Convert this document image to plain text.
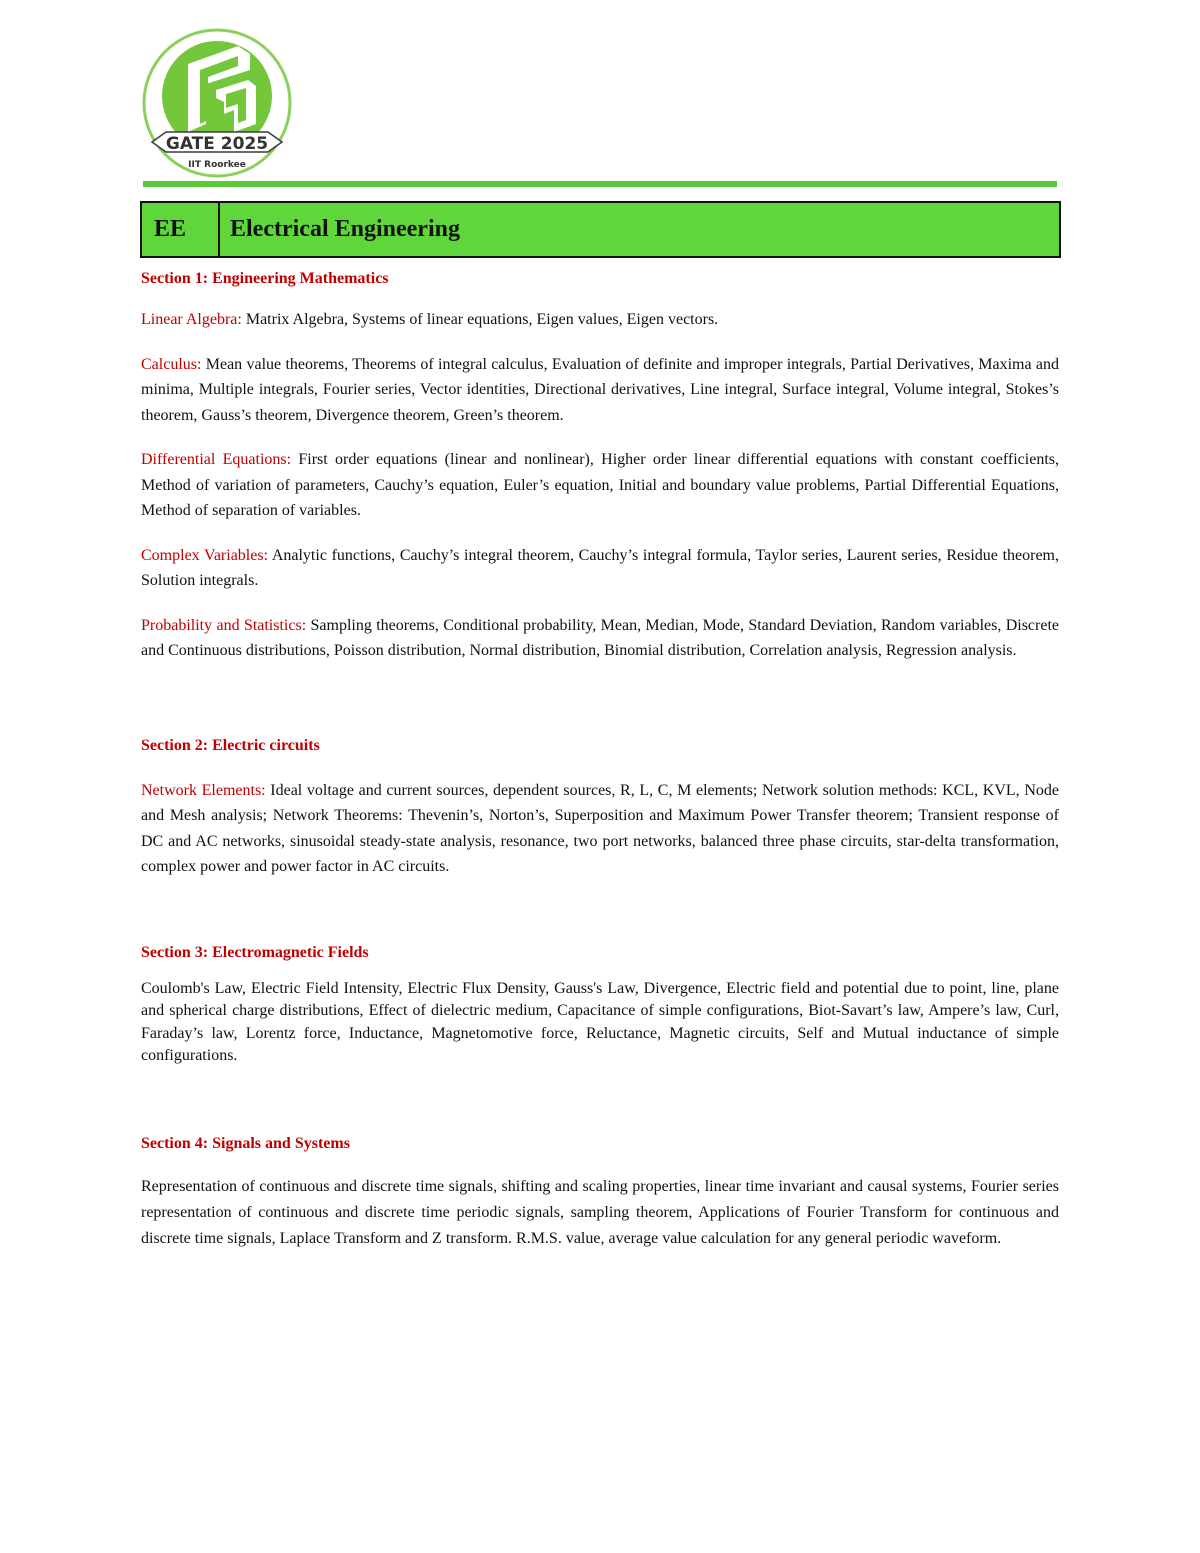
GATE 2025
IIT Roorkee
EE	Electrical Engineering

Section 1: Engineering Mathematics

Linear Algebra: Matrix Algebra, Systems of linear equations, Eigen values, Eigen vectors.

Calculus: Mean value theorems, Theorems of integral calculus, Evaluation of definite and improper integrals, Partial Derivatives, Maxima and minima, Multiple integrals, Fourier series, Vector identities, Directional derivatives, Line integral, Surface integral, Volume integral, Stokes’s theorem, Gauss’s theorem, Divergence theorem, Green’s theorem.

Differential Equations: First order equations (linear and nonlinear), Higher order linear differential equations with constant coefficients, Method of variation of parameters, Cauchy’s equation, Euler’s equation, Initial and boundary value problems, Partial Differential Equations, Method of separation of variables.

Complex Variables: Analytic functions, Cauchy’s integral theorem, Cauchy’s integral formula, Taylor series, Laurent series, Residue theorem, Solution integrals.

Probability and Statistics: Sampling theorems, Conditional probability, Mean, Median, Mode, Standard Deviation, Random variables, Discrete and Continuous distributions, Poisson distribution, Normal distribution, Binomial distribution, Correlation analysis, Regression analysis.

Section 2: Electric circuits

Network Elements: Ideal voltage and current sources, dependent sources, R, L, C, M elements; Network solution methods: KCL, KVL, Node and Mesh analysis; Network Theorems: Thevenin’s, Norton’s, Superposition and Maximum Power Transfer theorem; Transient response of DC and AC networks, sinusoidal steady-state analysis, resonance, two port networks, balanced three phase circuits, star-delta transformation, complex power and power factor in AC circuits.

Section 3: Electromagnetic Fields

Coulomb's Law, Electric Field Intensity, Electric Flux Density, Gauss's Law, Divergence, Electric field and potential due to point, line, plane and spherical charge distributions, Effect of dielectric medium, Capacitance of simple configurations, Biot‐Savart’s law, Ampere’s law, Curl, Faraday’s law, Lorentz force, Inductance, Magnetomotive force, Reluctance, Magnetic circuits, Self and Mutual inductance of simple configurations.

Section 4: Signals and Systems

Representation of continuous and discrete time signals, shifting and scaling properties, linear time invariant and causal systems, Fourier series representation of continuous and discrete time periodic signals, sampling theorem, Applications of Fourier Transform for continuous and discrete time signals, Laplace Transform and Z transform. R.M.S. value, average value calculation for any general periodic waveform.
